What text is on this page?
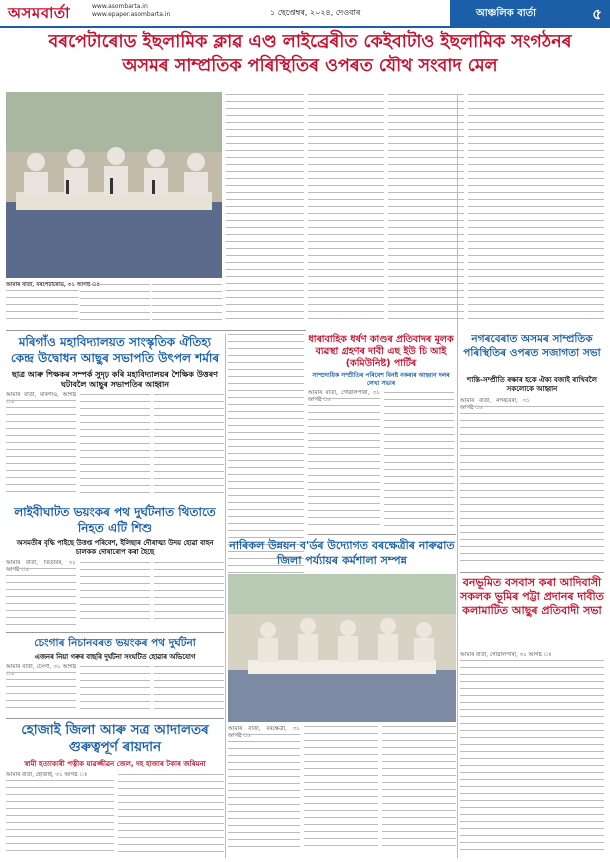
অসমবাৰ্তা	www.asombarta.in
www.epaper.asombarta.in	১ ছেপ্তেম্বৰ, ২০২৪, দেওবাৰ	আঞ্চলিক বাৰ্তা	৫
বৰপেটাৰোড ইছলামিক ক্লাৱ এণ্ড লাইব্ৰেৰীত কেইবাটাও ইছলামিক সংগঠনৰ অসমৰ সাম্প্ৰতিক পৰিস্থিতিৰ ওপৰত যৌথ সংবাদ মেল
আমাৰ বাৰ্তা, বৰপেটাৰোড, ৩১ আগষ্ট ঃ
মৰিগাঁও মহাবিদ্যালয়ত সাংস্কৃতিক ঐতিহ্য কেন্দ্ৰ উদ্বোধন আছুৰ সভাপতি উৎপল শৰ্মাৰ
ছাত্ৰ আৰু শিক্ষকৰ সম্পৰ্ক সুদৃঢ় কৰি মহাবিদ্যালয়ৰ শৈক্ষিক উত্তৰণ ঘটাবলৈ আছুৰ সভাপতিৰ আহ্বান
আমাৰ বাৰ্তা, মৰিগাঁও, আগষ্ট ঃ
লাইবীঘাটত ভয়ংকৰ পথ দুৰ্ঘটনাত থিতাতে নিহত এটি শিশু
অসমতীৰ বৃদ্ধি পাইছে উত্তপ্ত পৰিবেশ, ইলিছাৰ দৌৰাত্ম্য উদয় হোৱা বাহন চালকক দোষাৰোপ কৰা হৈছে
আমাৰ বাৰ্তা, তিতাবৰ, ৩১ আগষ্ট ঃ
চেংগাৰ নিচানবৰত ভয়ংকৰ পথ দুৰ্ঘটনা
এজনৰ নিয়া গৰুৰ বাছৰি দুৰ্ঘটনা সংঘটিত হোৱাৰ অভিযোগ
আমাৰ বাৰ্তা, চেংগা, ৩১ আগষ্ট ঃ
হোজাই জিলা আৰু সত্ৰ আদালতৰ গুৰুত্বপূৰ্ণ ৰায়দান
স্বামী হত্যাকাৰী পত্নীক যাৱজ্জীৱন জেল, দহ হাজাৰ টকাৰ জৰিমনা
আমাৰ বাৰ্তা, হোজাই, ৩১ আগষ্ট ঃ
ধাৰাবাহিক ধৰ্ষণ কাণ্ডৰ প্ৰতিবাদৰ মূলক ব্যৱস্থা গ্ৰহণৰ দাবী এছ ইউ চি আই (কমিউনিষ্ট) পাৰ্টিৰ
সাম্প্ৰদায়িক সম্প্ৰীতিৰ পৰিবেশ বিনষ্ট নকৰাৰ আহ্বান দলৰ লেখা সভাৰ
আমাৰ বাৰ্তা, গোৱালপাৰা, ৩১ আগষ্ট ঃ
নগৰবেৰাত অসমৰ সাম্প্ৰতিক পৰিস্থিতিৰ ওপৰত সজাগতা সভা
শান্তি-সম্প্ৰীতি ৰক্ষাৰ হকে ঐক্য বজাই ৰাখিবলৈ সকলোকে আহ্বান
আমাৰ বাৰ্তা, নগৰবেৰা, ৩১ আগষ্ট ঃ
নাৰিকল উন্নয়ন ব'ৰ্ডৰ উদ্যোগত বৰক্ষেত্ৰীৰ নাৰুৱাত জিলা পৰ্য্যায়ৰ কৰ্মশালা সম্পন্ন
আমাৰ বাৰ্তা, বৰক্ষেত্ৰী, ৩১ আগষ্ট ঃ
বনভূমিত বসবাস কৰা আদিবাসী সকলক ভূমিৰ পট্টা প্ৰদানৰ দাবীত কলামাটিত আছুৰ প্ৰতিবাদী সভা
আমাৰ বাৰ্তা, গোৱালপাৰা, ৩১ আগষ্ট ঃ
